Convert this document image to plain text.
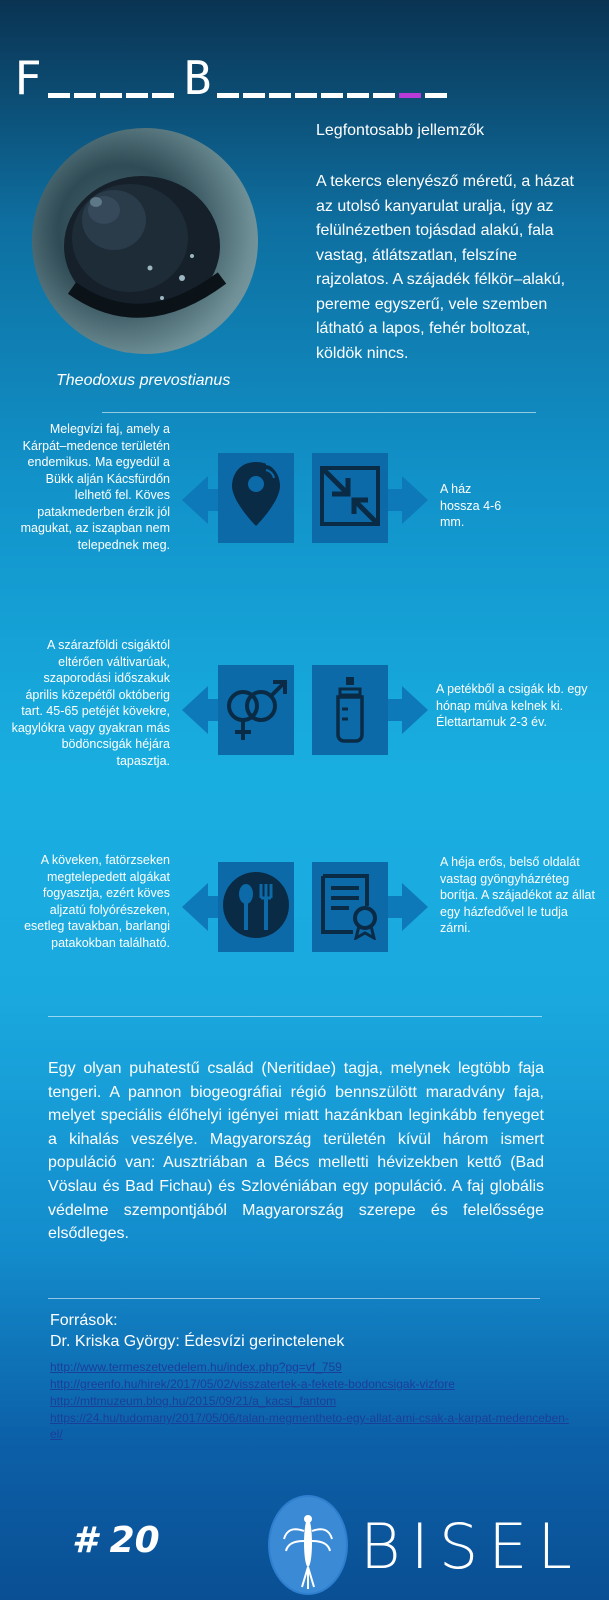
F	B
Legfontosabb jellemzők
A tekercs elenyésző méretű, a házat az utolsó kanyarulat uralja, így az felülnézetben tojásdad alakú, fala vastag, átlátszatlan, felszíne rajzolatos. A szájadék félkör–alakú, pereme egyszerű, vele szemben látható a lapos, fehér boltozat, köldök nincs.
Theodoxus prevostianus
Melegvízi faj, amely a Kárpát–medence területén endemikus. Ma egyedül a Bükk alján Kácsfürdőn lelhető fel. Köves patakmederben érzik jól magukat, az iszapban nem telepednek meg.
A ház hossza 4-6 mm.
A szárazföldi csigáktól eltérően váltivarúak, szaporodási időszakuk április közepétől októberig tart. 45-65 petéjét kövekre, kagylókra vagy gyakran más bödöncsigák héjára tapasztja.
A petékből a csigák kb. egy hónap múlva kelnek ki. Élettartamuk 2-3 év.
A köveken, fatörzseken megtelepedett algákat fogyasztja, ezért köves aljzatú folyórészeken, esetleg tavakban, barlangi patakokban található.
A héja erős, belső oldalát vastag gyöngyházréteg borítja. A szájadékot az állat egy házfedővel le tudja zárni.
Egy olyan puhatestű család (Neritidae) tagja, melynek legtöbb faja tengeri. A pannon biogeográfiai régió bennszülött maradvány faja, melyet speciális élőhelyi igényei miatt hazánkban leginkább fenyeget a kihalás veszélye. Magyarország területén kívül három ismert populáció van: Ausztriában a Bécs melletti hévizekben kettő (Bad Vöslau és Bad Fichau) és Szlovéniában egy populáció. A faj globális védelme szempontjából Magyarország szerepe és felelőssége elsődleges.
Források:
Dr. Kriska György: Édesvízi gerinctelenek
http://www.termeszetvedelem.hu/index.php?pg=vf_759
http://greenfo.hu/hirek/2017/05/02/visszatertek-a-fekete-bodoncsigak-vizfore
http://mttmuzeum.blog.hu/2015/09/21/a_kacsi_fantom
https://24.hu/tudomany/2017/05/06/talan-megmentheto-egy-allat-ami-csak-a-karpat-medenceben-el/
# 20	BISEL
